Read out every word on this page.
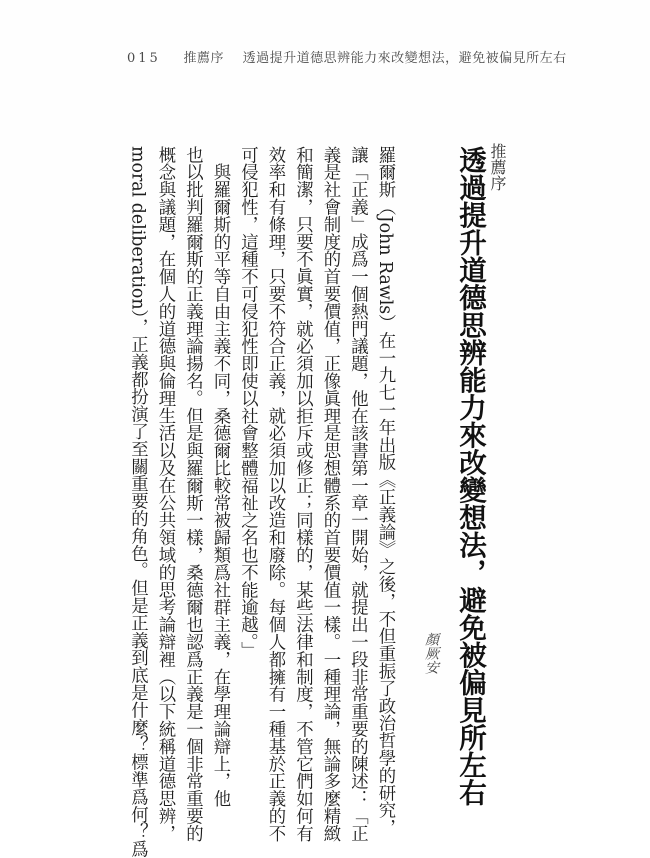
015 推薦序 透過提升道德思辨能力來改變想法，避免被偏見所左右
推薦序
透過提升道德思辨能力來改變想法，避免被偏見所左右
顏厥安
羅爾斯（John Rawls）在一九七一年出版《正義論》之後，不但重振了政治哲學的研究，
讓「正義」成爲一個熱門議題，他在該書第一章一開始，就提出一段非常重要的陳述：「正
義是社會制度的首要價值，正像眞理是思想體系的首要價值一樣。一種理論，無論多麼精緻
和簡潔，只要不眞實，就必須加以拒斥或修正；同樣的，某些法律和制度，不管它們如何有
效率和有條理，只要不符合正義，就必須加以改造和廢除。每個人都擁有一種基於正義的不
可侵犯性，這種不可侵犯性即使以社會整體福祉之名也不能逾越。」
　與羅爾斯的平等自由主義不同，桑德爾比較常被歸類爲社群主義，在學理論辯上，他
也以批判羅爾斯的正義理論揚名。但是與羅爾斯一樣，桑德爾也認爲正義是一個非常重要的
概念與議題，在個人的道德與倫理生活以及在公共領域的思考論辯裡（以下統稱道德思辨，
moral deliberation），正義都扮演了至關重要的角色。但是正義到底是什麼？標準爲何？爲
